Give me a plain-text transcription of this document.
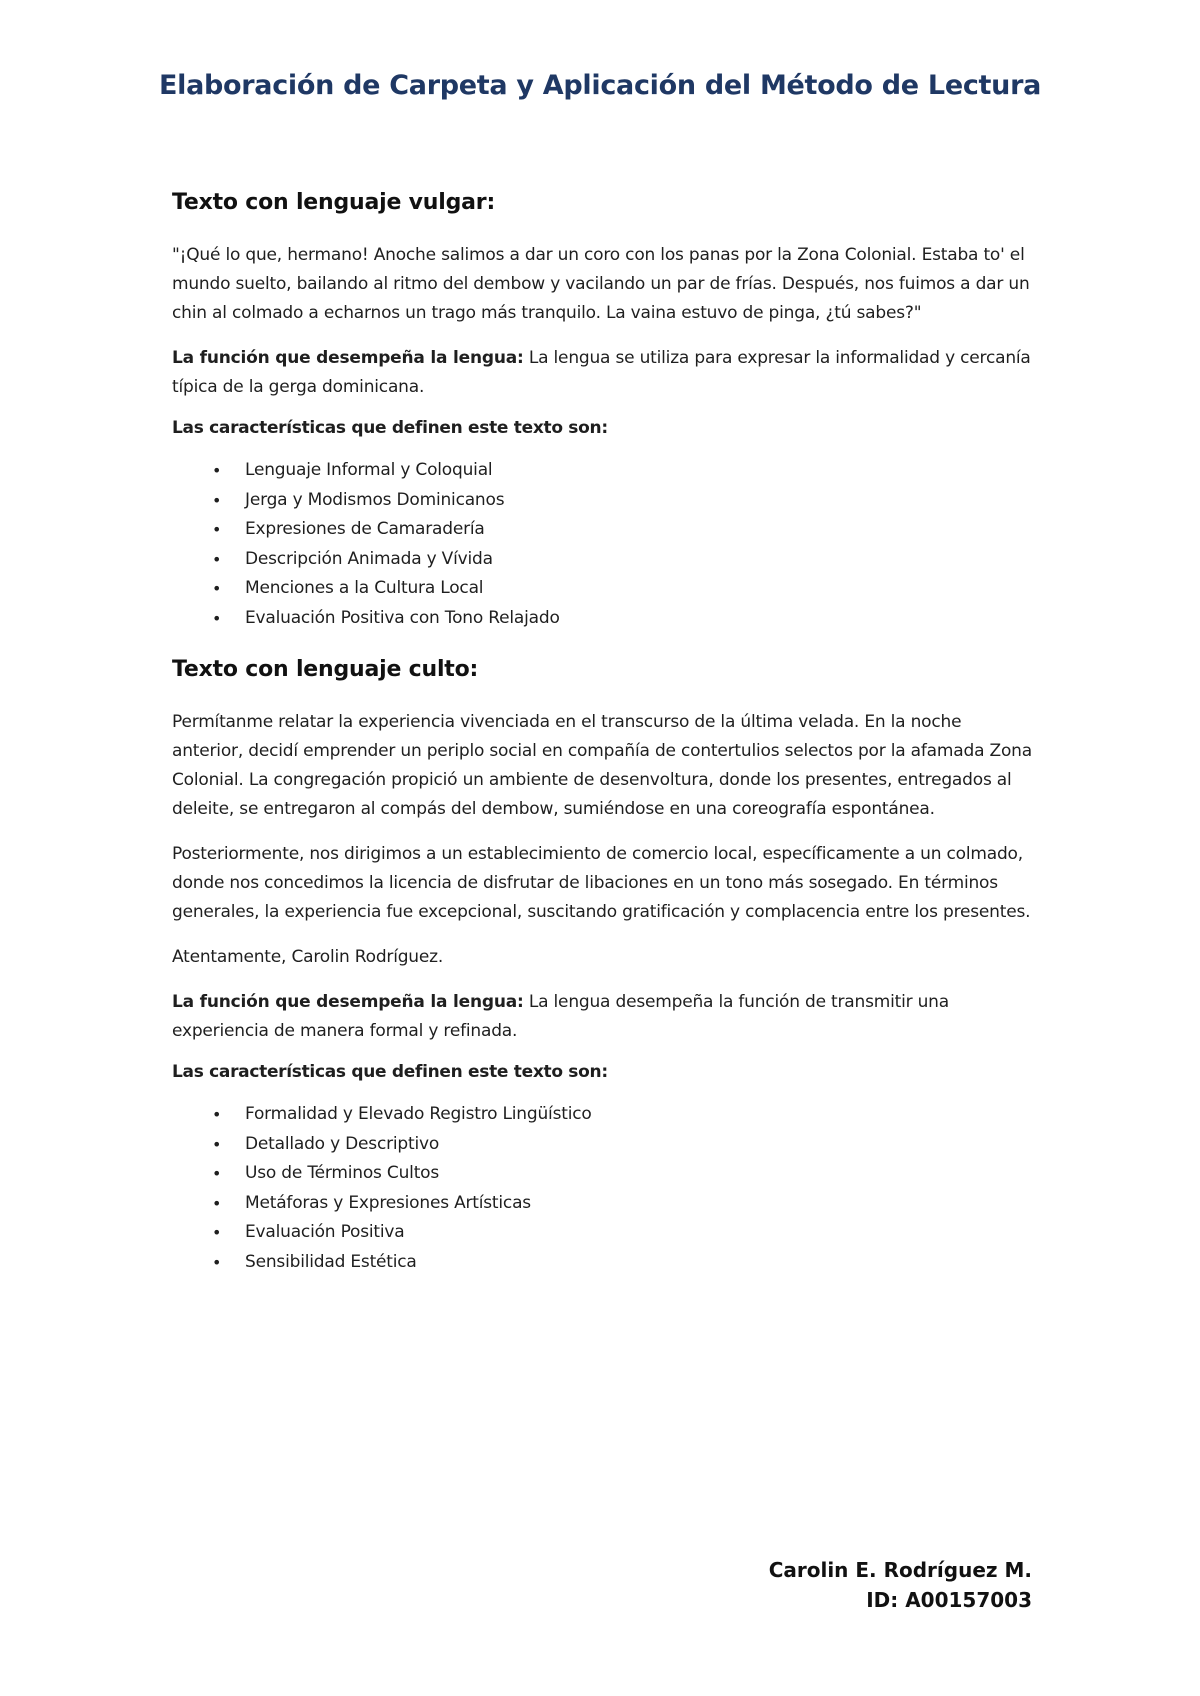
Elaboración de Carpeta y Aplicación del Método de Lectura
Texto con lenguaje vulgar:

"¡Qué lo que, hermano! Anoche salimos a dar un coro con los panas por la Zona Colonial. Estaba to' el mundo suelto, bailando al ritmo del dembow y vacilando un par de frías. Después, nos fuimos a dar un chin al colmado a echarnos un trago más tranquilo. La vaina estuvo de pinga, ¿tú sabes?"

La función que desempeña la lengua: La lengua se utiliza para expresar la informalidad y cercanía típica de la gerga dominicana.

Las características que definen este texto son:

• Lenguaje Informal y Coloquial
• Jerga y Modismos Dominicanos
• Expresiones de Camaradería
• Descripción Animada y Vívida
• Menciones a la Cultura Local
• Evaluación Positiva con Tono Relajado
Texto con lenguaje culto:

Permítanme relatar la experiencia vivenciada en el transcurso de la última velada. En la noche anterior, decidí emprender un periplo social en compañía de contertulios selectos por la afamada Zona Colonial. La congregación propició un ambiente de desenvoltura, donde los presentes, entregados al deleite, se entregaron al compás del dembow, sumiéndose en una coreografía espontánea.

Posteriormente, nos dirigimos a un establecimiento de comercio local, específicamente a un colmado, donde nos concedimos la licencia de disfrutar de libaciones en un tono más sosegado. En términos generales, la experiencia fue excepcional, suscitando gratificación y complacencia entre los presentes.

Atentamente, Carolin Rodríguez.

La función que desempeña la lengua: La lengua desempeña la función de transmitir una experiencia de manera formal y refinada.

Las características que definen este texto son:

• Formalidad y Elevado Registro Lingüístico
• Detallado y Descriptivo
• Uso de Términos Cultos
• Metáforas y Expresiones Artísticas
• Evaluación Positiva
• Sensibilidad Estética
Carolin E. Rodríguez M.
ID: A00157003
